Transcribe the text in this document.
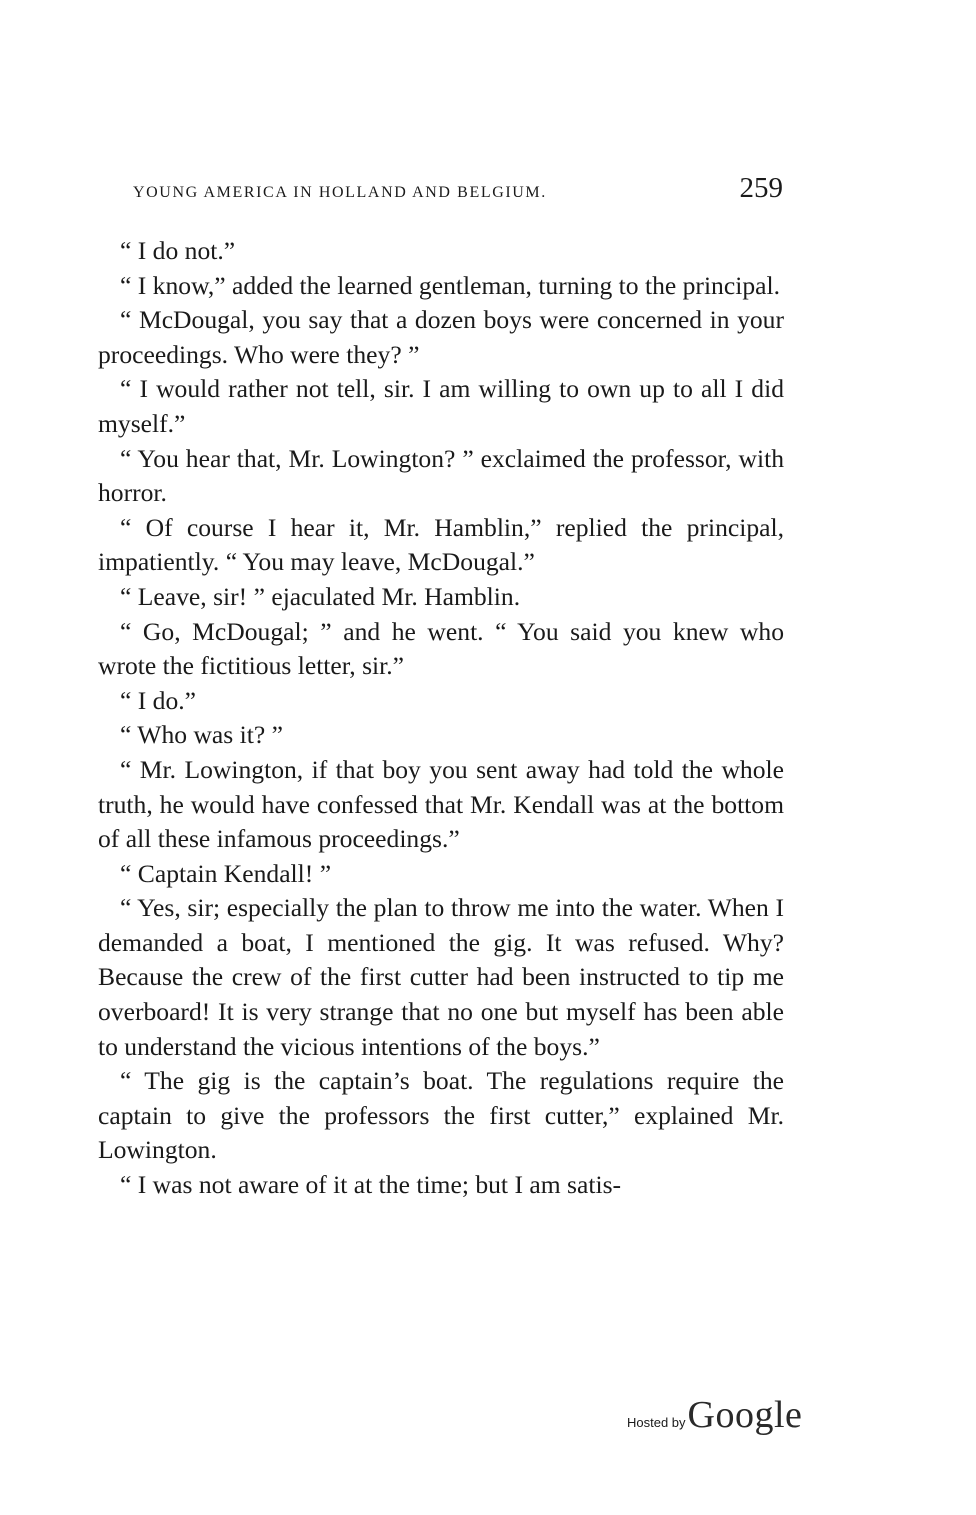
YOUNG AMERICA IN HOLLAND AND BELGIUM.	259

“ I do not.”

“ I know,” added the learned gentleman, turning to the principal.

“ McDougal, you say that a dozen boys were concerned in your proceedings. Who were they? ”

“ I would rather not tell, sir. I am willing to own up to all I did myself.”

“ You hear that, Mr. Lowington? ” exclaimed the professor, with horror.

“ Of course I hear it, Mr. Hamblin,” replied the principal, impatiently. “ You may leave, McDougal.”

“ Leave, sir! ” ejaculated Mr. Hamblin.

“ Go, McDougal; ” and he went. “ You said you knew who wrote the fictitious letter, sir.”

“ I do.”

“ Who was it? ”

“ Mr. Lowington, if that boy you sent away had told the whole truth, he would have confessed that Mr. Kendall was at the bottom of all these infamous proceedings.”

“ Captain Kendall! ”

“ Yes, sir; especially the plan to throw me into the water. When I demanded a boat, I mentioned the gig. It was refused. Why? Because the crew of the first cutter had been instructed to tip me overboard! It is very strange that no one but myself has been able to understand the vicious intentions of the boys.”

“ The gig is the captain’s boat. The regulations require the captain to give the professors the first cutter,” explained Mr. Lowington.

“ I was not aware of it at the time; but I am satis-

Hosted by Google
